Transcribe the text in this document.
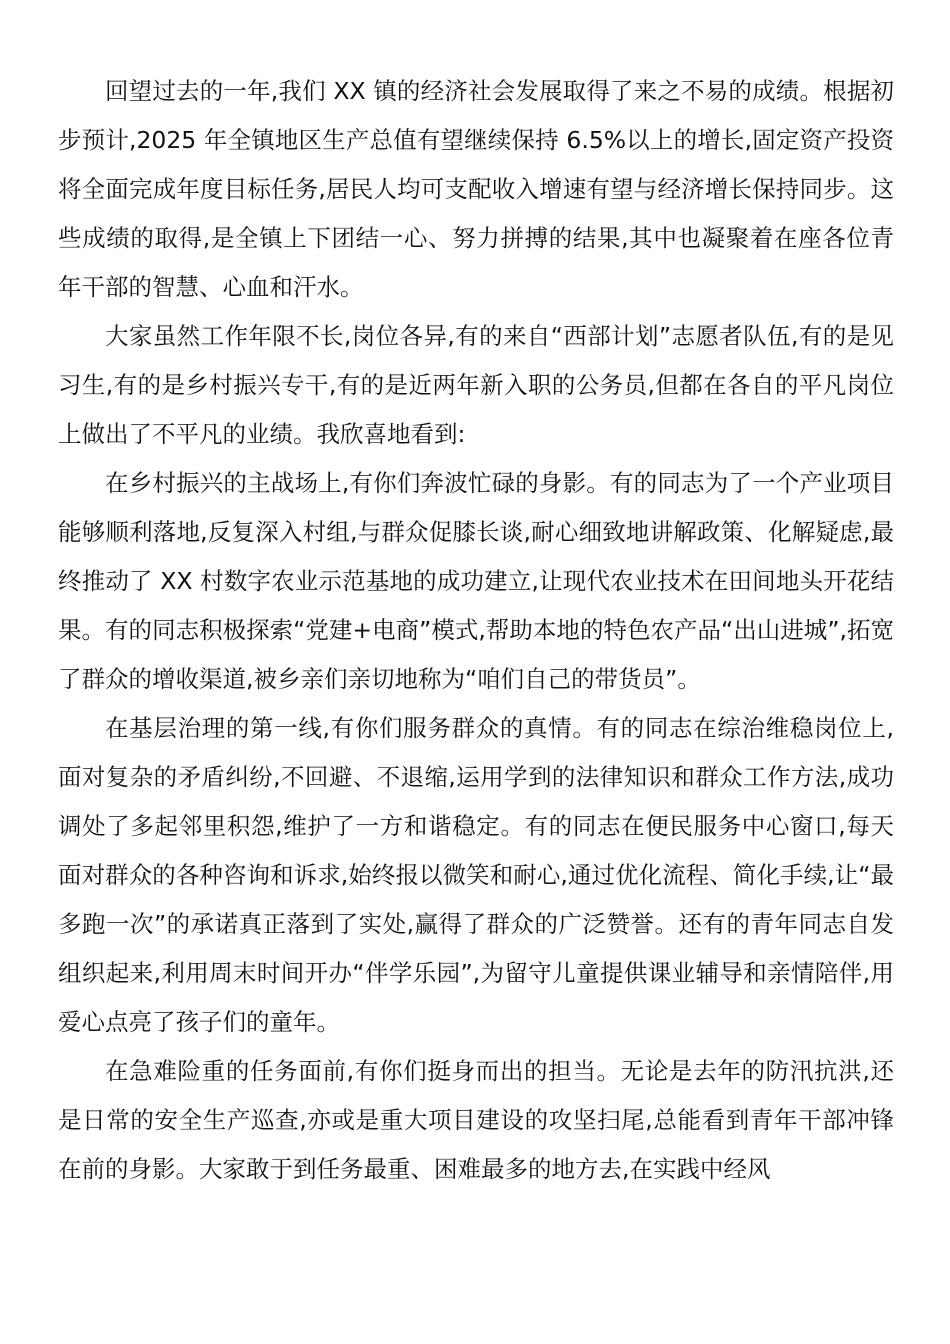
回望过去的一年,我们 XX 镇的经济社会发展取得了来之不易的成绩。根据初步预计,2025 年全镇地区生产总值有望继续保持 6.5%以上的增长,固定资产投资将全面完成年度目标任务,居民人均可支配收入增速有望与经济增长保持同步。这些成绩的取得,是全镇上下团结一心、努力拼搏的结果,其中也凝聚着在座各位青年干部的智慧、心血和汗水。

大家虽然工作年限不长,岗位各异,有的来自“西部计划”志愿者队伍,有的是见习生,有的是乡村振兴专干,有的是近两年新入职的公务员,但都在各自的平凡岗位上做出了不平凡的业绩。我欣喜地看到:

在乡村振兴的主战场上,有你们奔波忙碌的身影。有的同志为了一个产业项目能够顺利落地,反复深入村组,与群众促膝长谈,耐心细致地讲解政策、化解疑虑,最终推动了 XX 村数字农业示范基地的成功建立,让现代农业技术在田间地头开花结果。有的同志积极探索“党建+电商”模式,帮助本地的特色农产品“出山进城”,拓宽了群众的增收渠道,被乡亲们亲切地称为“咱们自己的带货员”。

在基层治理的第一线,有你们服务群众的真情。有的同志在综治维稳岗位上,面对复杂的矛盾纠纷,不回避、不退缩,运用学到的法律知识和群众工作方法,成功调处了多起邻里积怨,维护了一方和谐稳定。有的同志在便民服务中心窗口,每天面对群众的各种咨询和诉求,始终报以微笑和耐心,通过优化流程、简化手续,让“最多跑一次”的承诺真正落到了实处,赢得了群众的广泛赞誉。还有的青年同志自发组织起来,利用周末时间开办“伴学乐园”,为留守儿童提供课业辅导和亲情陪伴,用爱心点亮了孩子们的童年。

在急难险重的任务面前,有你们挺身而出的担当。无论是去年的防汛抗洪,还是日常的安全生产巡查,亦或是重大项目建设的攻坚扫尾,总能看到青年干部冲锋在前的身影。大家敢于到任务最重、困难最多的地方去,在实践中经风
